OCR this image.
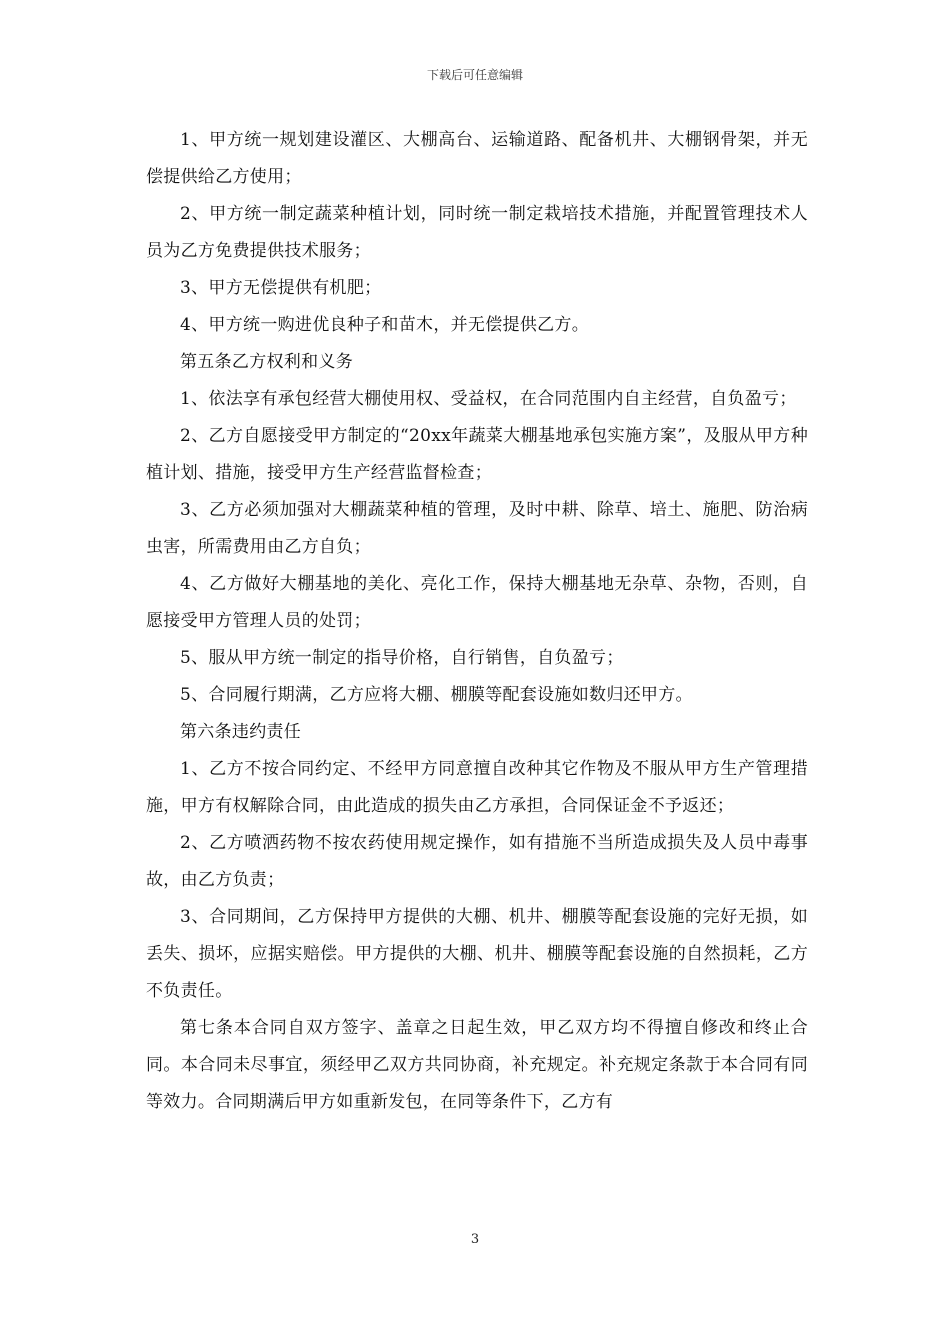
下载后可任意编辑

1、甲方统一规划建设灌区、大棚高台、运输道路、配备机井、大棚钢骨架，并无偿提供给乙方使用；

2、甲方统一制定蔬菜种植计划，同时统一制定栽培技术措施，并配置管理技术人员为乙方免费提供技术服务；

3、甲方无偿提供有机肥；

4、甲方统一购进优良种子和苗木，并无偿提供乙方。

第五条乙方权利和义务

1、依法享有承包经营大棚使用权、受益权，在合同范围内自主经营，自负盈亏；

2、乙方自愿接受甲方制定的“20xx年蔬菜大棚基地承包实施方案”，及服从甲方种植计划、措施，接受甲方生产经营监督检查；

3、乙方必须加强对大棚蔬菜种植的管理，及时中耕、除草、培土、施肥、防治病虫害，所需费用由乙方自负；

4、乙方做好大棚基地的美化、亮化工作，保持大棚基地无杂草、杂物，否则，自愿接受甲方管理人员的处罚；

5、服从甲方统一制定的指导价格，自行销售，自负盈亏；

5、合同履行期满，乙方应将大棚、棚膜等配套设施如数归还甲方。

第六条违约责任

1、乙方不按合同约定、不经甲方同意擅自改种其它作物及不服从甲方生产管理措施，甲方有权解除合同，由此造成的损失由乙方承担，合同保证金不予返还；

2、乙方喷洒药物不按农药使用规定操作，如有措施不当所造成损失及人员中毒事故，由乙方负责；

3、合同期间，乙方保持甲方提供的大棚、机井、棚膜等配套设施的完好无损，如丢失、损坏，应据实赔偿。甲方提供的大棚、机井、棚膜等配套设施的自然损耗，乙方不负责任。

第七条本合同自双方签字、盖章之日起生效，甲乙双方均不得擅自修改和终止合同。本合同未尽事宜，须经甲乙双方共同协商，补充规定。补充规定条款于本合同有同等效力。合同期满后甲方如重新发包，在同等条件下，乙方有

3
